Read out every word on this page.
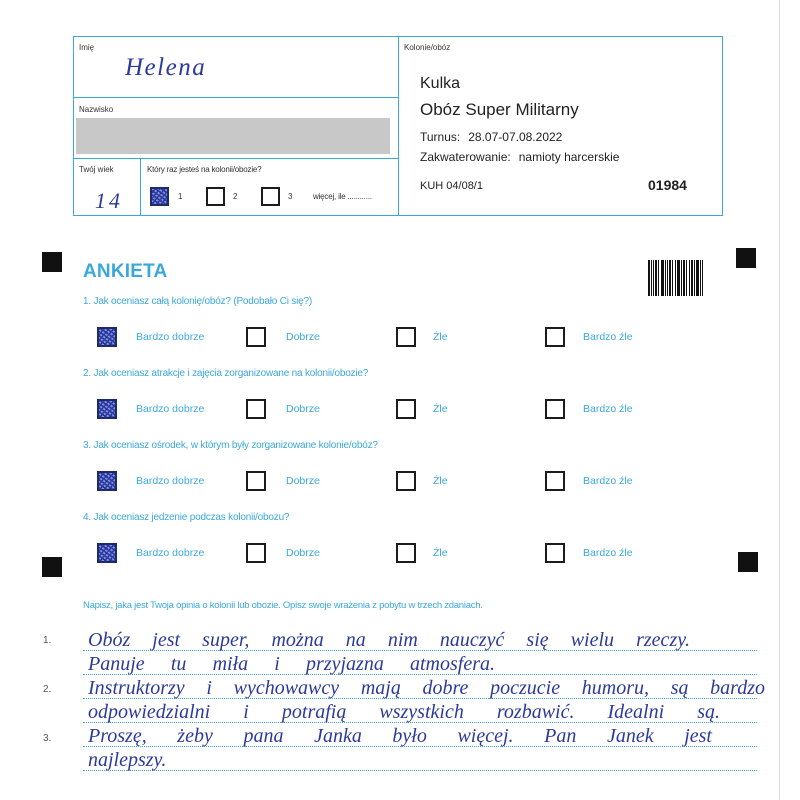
Imię
Helena
Nazwisko
Twój wiek
14
Który raz jesteś na kolonii/obozie?
1	2	3	więcej, ile ............
Kolonie/obóz
Kulka
Obóz Super Militarny
Turnus: 28.07-07.08.2022
Zakwaterowanie: namioty harcerskie
KUH 04/08/1	01984
ANKIETA
1. Jak oceniasz całą kolonię/obóz? (Podobało Ci się?)
Bardzo dobrze	Dobrze	Źle	Bardzo źle
2. Jak oceniasz atrakcje i zajęcia zorganizowane na kolonii/obozie?
Bardzo dobrze	Dobrze	Źle	Bardzo źle
3. Jak oceniasz ośrodek, w którym były zorganizowane kolonie/obóz?
Bardzo dobrze	Dobrze	Źle	Bardzo źle
4. Jak oceniasz jedzenie podczas kolonii/obozu?
Bardzo dobrze	Dobrze	Źle	Bardzo źle
Napisz, jaka jest Twoja opinia o kolonii lub obozie. Opisz swoje wrażenia z pobytu w trzech zdaniach.
1.
2.
3.
Obóz jest super, można na nim nauczyć się wielu rzeczy.
Panuje tu miła i przyjazna atmosfera.
Instruktorzy i wychowawcy mają dobre poczucie humoru, są bardzo
odpowiedzialni i potrafią wszystkich rozbawić. Idealni są.
Proszę, żeby pana Janka było więcej. Pan Janek jest
najlepszy.
